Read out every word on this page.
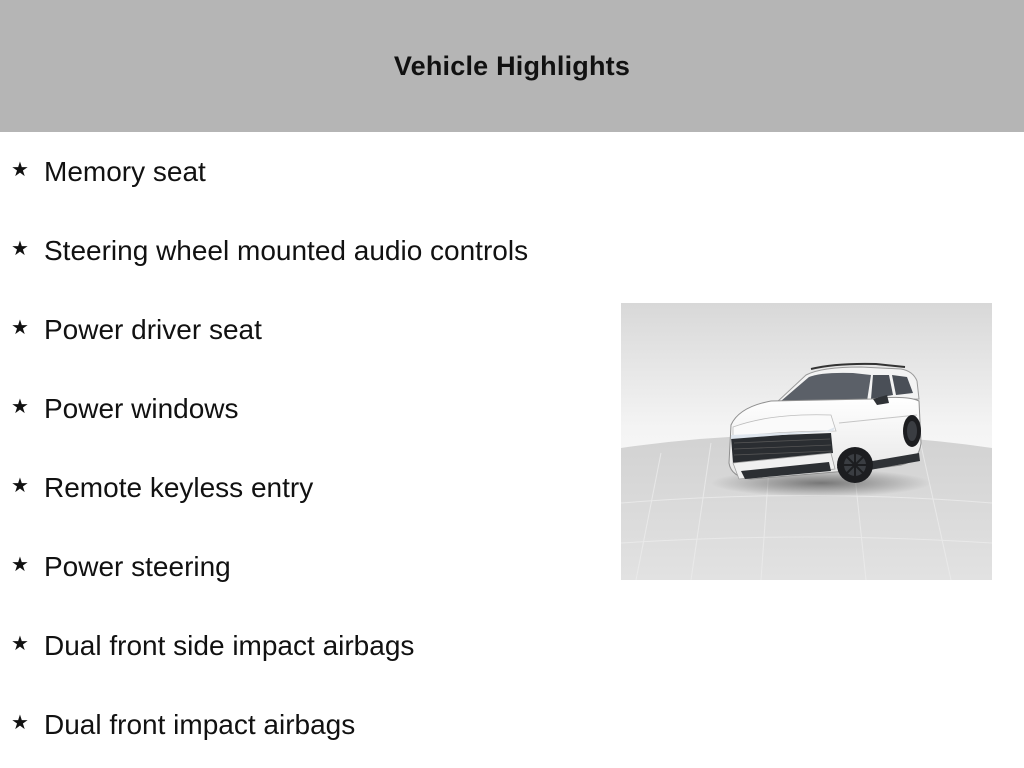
Vehicle Highlights
★ Memory seat
★ Steering wheel mounted audio controls
★ Power driver seat
★ Power windows
★ Remote keyless entry
★ Power steering
★ Dual front side impact airbags
★ Dual front impact airbags
